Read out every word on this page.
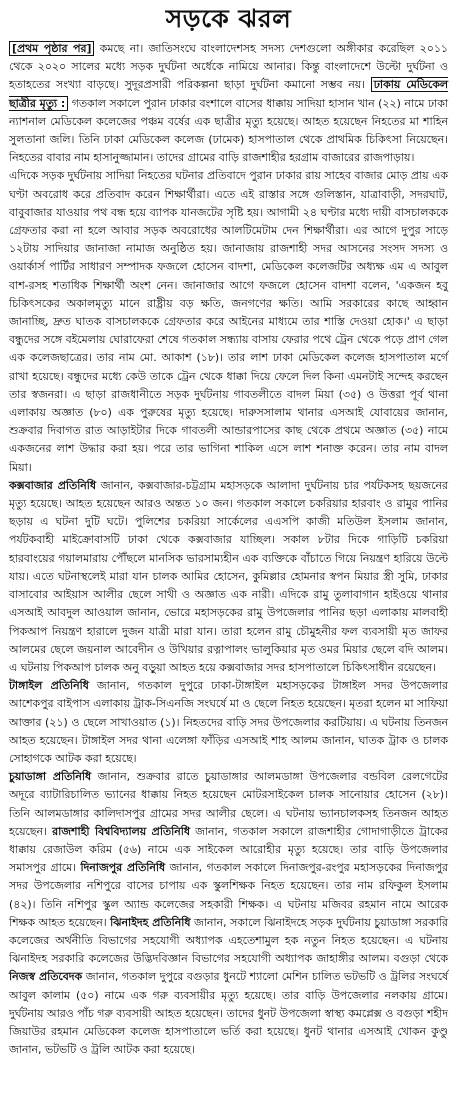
সড়কে ঝরল

[প্রথম পৃষ্ঠার পর] কমছে না। জাতিসংঘে বাংলাদেশসহ সদস্য দেশগুলো অঙ্গীকার করেছিল ২০১১ থেকে ২০২০ সালের মধ্যে সড়ক দুর্ঘটনা অর্ধেকে নামিয়ে আনার। কিন্তু বাংলাদেশে উল্টো দুর্ঘটনা ও হতাহতের সংখ্যা বাড়ছে। সুদূরপ্রসারী পরিকল্পনা ছাড়া দুর্ঘটনা কমানো সম্ভব নয়। ঢাকায় মেডিকেল ছাত্রীর মৃত্যু : গতকাল সকালে পুরান ঢাকার বংশালে বাসের ধাক্কায় সাদিয়া হাসান খান (২২) নামে ঢাকা ন্যাশনাল মেডিকেল কলেজের পঞ্চম বর্ষের এক ছাত্রীর মৃত্যু হয়েছে। আহত হয়েছেন নিহতের মা শাহিন সুলতানা জলি। তিনি ঢাকা মেডিকেল কলেজ (ঢামেক) হাসপাতাল থেকে প্রাথমিক চিকিৎসা নিয়েছেন। নিহতের বাবার নাম হাসানুজ্জামান। তাদের গ্রামের বাড়ি রাজশাহীর হরগ্রাম বাজারের রাজপাড়ায়।

এদিকে সড়ক দুর্ঘটনায় সাদিয়া নিহতের ঘটনার প্রতিবাদে পুরান ঢাকার রায় সাহেব বাজার মোড় প্রায় এক ঘণ্টা অবরোধ করে প্রতিবাদ করেন শিক্ষার্থীরা। এতে এই রাস্তার সঙ্গে গুলিস্তান, যাত্রাবাড়ী, সদরঘাট, বাবুবাজার যাওয়ার পথ বন্ধ হয়ে ব্যাপক যানজটের সৃষ্টি হয়। আগামী ২৪ ঘণ্টার মধ্যে দায়ী বাসচালককে গ্রেফতার করা না হলে আবার সড়ক অবরোধের আলটিমেটাম দেন শিক্ষার্থীরা। এর আগে দুপুর সাড়ে ১২টায় সাদিয়ার জানাজা নামাজ অনুষ্ঠিত হয়। জানাজায় রাজশাহী সদর আসনের সংসদ সদস্য ও ওয়ার্কার্স পার্টির সাধারণ সম্পাদক ফজলে হোসেন বাদশা, মেডিকেল কলেজটির অধ্যক্ষ এম এ আবুল বাশ-রসহ শতাধিক শিক্ষার্থী অংশ নেন। জানাজার আগে ফজলে হোসেন বাদশা বলেন, 'একজন হবু চিকিৎসকের অকালমৃত্যু মানে রাষ্ট্রীয় বড় ক্ষতি, জনগণের ক্ষতি। আমি সরকারের কাছে আহ্বান জানাচ্ছি, দ্রুত ঘাতক বাসচালককে গ্রেফতার করে আইনের মাধ্যমে তার শাস্তি দেওয়া হোক।' এ ছাড়া বন্ধুদের সঙ্গে বইমেলায় ঘোরাফেরা শেষে গতকাল সন্ধ্যায় বাসায় ফেরার পথে ট্রেন থেকে পড়ে প্রাণ গেল এক কলেজছাত্রের। তার নাম মো. আকাশ (১৮)। তার লাশ ঢাকা মেডিকেল কলেজ হাসপাতাল মর্গে রাখা হয়েছে। বন্ধুদের মধ্যে কেউ তাকে ট্রেন থেকে ধাক্কা দিয়ে ফেলে দিল কিনা এমনটাই সন্দেহ করছেন তার স্বজনরা। এ ছাড়া রাজধানীতে সড়ক দুর্ঘটনায় গাবতলীতে বাদল মিয়া (৩৫) ও উত্তরা পূর্ব থানা এলাকায় অজ্ঞাত (৮০) এক পুরুষের মৃত্যু হয়েছে। দারুসসালাম থানার এসআই যোবায়ের জানান, শুক্রবার দিবাগত রাত আড়াইটার দিকে গাবতলী আন্ডারপাসের কাছ থেকে প্রথমে অজ্ঞাত (৩৫) নামে একজনের লাশ উদ্ধার করা হয়। পরে তার ভাগিনা শাকিল এসে লাশ শনাক্ত করেন। তার নাম বাদল মিয়া।

কক্সবাজার প্রতিনিধি জানান, কক্সবাজার-চট্টগ্রাম মহাসড়কে আলাদা দুর্ঘটনায় চার পর্যটকসহ ছয়জনের মৃত্যু হয়েছে। আহত হয়েছেন আরও অন্তত ১০ জন। গতকাল সকালে চকরিয়ার হারবাং ও রামুর পানির ছড়ায় এ ঘটনা দুটি ঘটে। পুলিশের চকরিয়া সার্কেলের এএসপি কাজী মতিউল ইসলাম জানান, পর্যটকবাহী মাইক্রোবাসটি ঢাকা থেকে কক্সবাজার যাচ্ছিল। সকাল ৮টার দিকে গাড়িটি চকরিয়া হারবাংয়ের গয়ালমারায় পৌঁছলে মানসিক ভারসাম্যহীন এক ব্যক্তিকে বাঁচাতে গিয়ে নিয়ন্ত্রণ হারিয়ে উল্টে যায়। এতে ঘটনাস্থলেই মারা যান চালক আমির হোসেন, কুমিল্লার হোমনার স্বপন মিয়ার স্ত্রী সুমি, ঢাকার বাসাবোর আইয়াস আলীর ছেলে সাথী ও অজ্ঞাত এক নারী। এদিকে রামু তুলাবাগান হাইওয়ে থানার এসআই আবদুল আওয়াল জানান, ভোরে মহাসড়কের রামু উপজেলার পানির ছড়া এলাকায় মালবাহী পিকআপ নিয়ন্ত্রণ হারালে দুজন যাত্রী মারা যান। তারা হলেন রামু চৌমুহনীর ফল ব্যবসায়ী মৃত জাফর আলমের ছেলে জয়নাল আবেদীন ও উখিয়ার রত্নাপালং ভালুকিয়ার মৃত ওমর মিয়ার ছেলে বদি আলম। এ ঘটনায় পিকআপ চালক অনু বড়ুয়া আহত হয়ে কক্সবাজার সদর হাসপাতালে চিকিৎসাধীন রয়েছেন।

টাঙ্গাইল প্রতিনিধি জানান, গতকাল দুপুরে ঢাকা-টাঙ্গাইল মহাসড়কের টাঙ্গাইল সদর উপজেলার আশেকপুর বাইপাস এলাকায় ট্রাক-সিএনজি সংঘর্ষে মা ও ছেলে নিহত হয়েছেন। মৃতরা হলেন মা সাফিয়া আক্তার (২১) ও ছেলে সাখাওয়াত (১)। নিহতদের বাড়ি সদর উপজেলার করটিয়ায়। এ ঘটনায় তিনজন আহত হয়েছেন। টাঙ্গাইল সদর থানা এলেঙ্গা ফাঁড়ির এসআই শাহ আলম জানান, ঘাতক ট্রাক ও চালক সোহাগকে আটক করা হয়েছে।

চুয়াডাঙ্গা প্রতিনিধি জানান, শুক্রবার রাতে চুয়াডাঙ্গার আলমডাঙ্গা উপজেলার বন্ডবিল রেলগেটের অদূরে ব্যাটারিচালিত ভ্যানের ধাক্কায় নিহত হয়েছেন মোটরসাইকেল চালক সানোয়ার হোসেন (২৮)। তিনি আলমডাঙ্গার কালিদাসপুর গ্রামের সদর আলীর ছেলে। এ ঘটনায় ভ্যানচালকসহ তিনজন আহত হয়েছেন। রাজশাহী বিশ্ববিদ্যালয় প্রতিনিধি জানান, গতকাল সকালে রাজশাহীর গোদাগাড়ীতে ট্রাকের ধাক্কায় রেজাউল করিম (৫৬) নামে এক সাইকেল আরোহীর মৃত্যু হয়েছে। তার বাড়ি উপজেলার সমাসপুর গ্রামে। দিনাজপুর প্রতিনিধি জানান, গতকাল সকালে দিনাজপুর-রংপুর মহাসড়কের দিনাজপুর সদর উপজেলার নশিপুরে বাসের চাপায় এক স্কুলশিক্ষক নিহত হয়েছেন। তার নাম রফিকুল ইসলাম (৪২)। তিনি নশিপুর স্কুল অ্যান্ড কলেজের সহকারী শিক্ষক। এ ঘটনায় মজিবর রহমান নামে আরেক শিক্ষক আহত হয়েছেন। ঝিনাইদহ প্রতিনিধি জানান, সকালে ঝিনাইদহে সড়ক দুর্ঘটনায় চুয়াডাঙ্গা সরকারি কলেজের অর্থনীতি বিভাগের সহযোগী অধ্যাপক এহতেশামুল হক নতুন নিহত হয়েছেন। এ ঘটনায় ঝিনাইদহ সরকারি কলেজের উদ্ভিদবিজ্ঞান বিভাগের সহযোগী অধ্যাপক জাহাঙ্গীর আলম। বগুড়া থেকে নিজস্ব প্রতিবেদক জানান, গতকাল দুপুরে বগুড়ার ধুনটে শ্যালো মেশিন চালিত ভটভটি ও ট্রলির সংঘর্ষে আবুল কালাম (৫০) নামে এক গরু ব্যবসায়ীর মৃত্যু হয়েছে। তার বাড়ি উপজেলার নলকায় গ্রামে। দুর্ঘটনায় আরও পাঁচ গরু ব্যবসায়ী আহত হয়েছেন। তাদের ধুনট উপজেলা স্বাস্থ্য কমপ্লেক্স ও বগুড়া শহীদ জিয়াউর রহমান মেডিকেল কলেজ হাসপাতালে ভর্তি করা হয়েছে। ধুনট থানার এসআই খোকন কুণ্ডু জানান, ভটভটি ও ট্রলি আটক করা হয়েছে।
